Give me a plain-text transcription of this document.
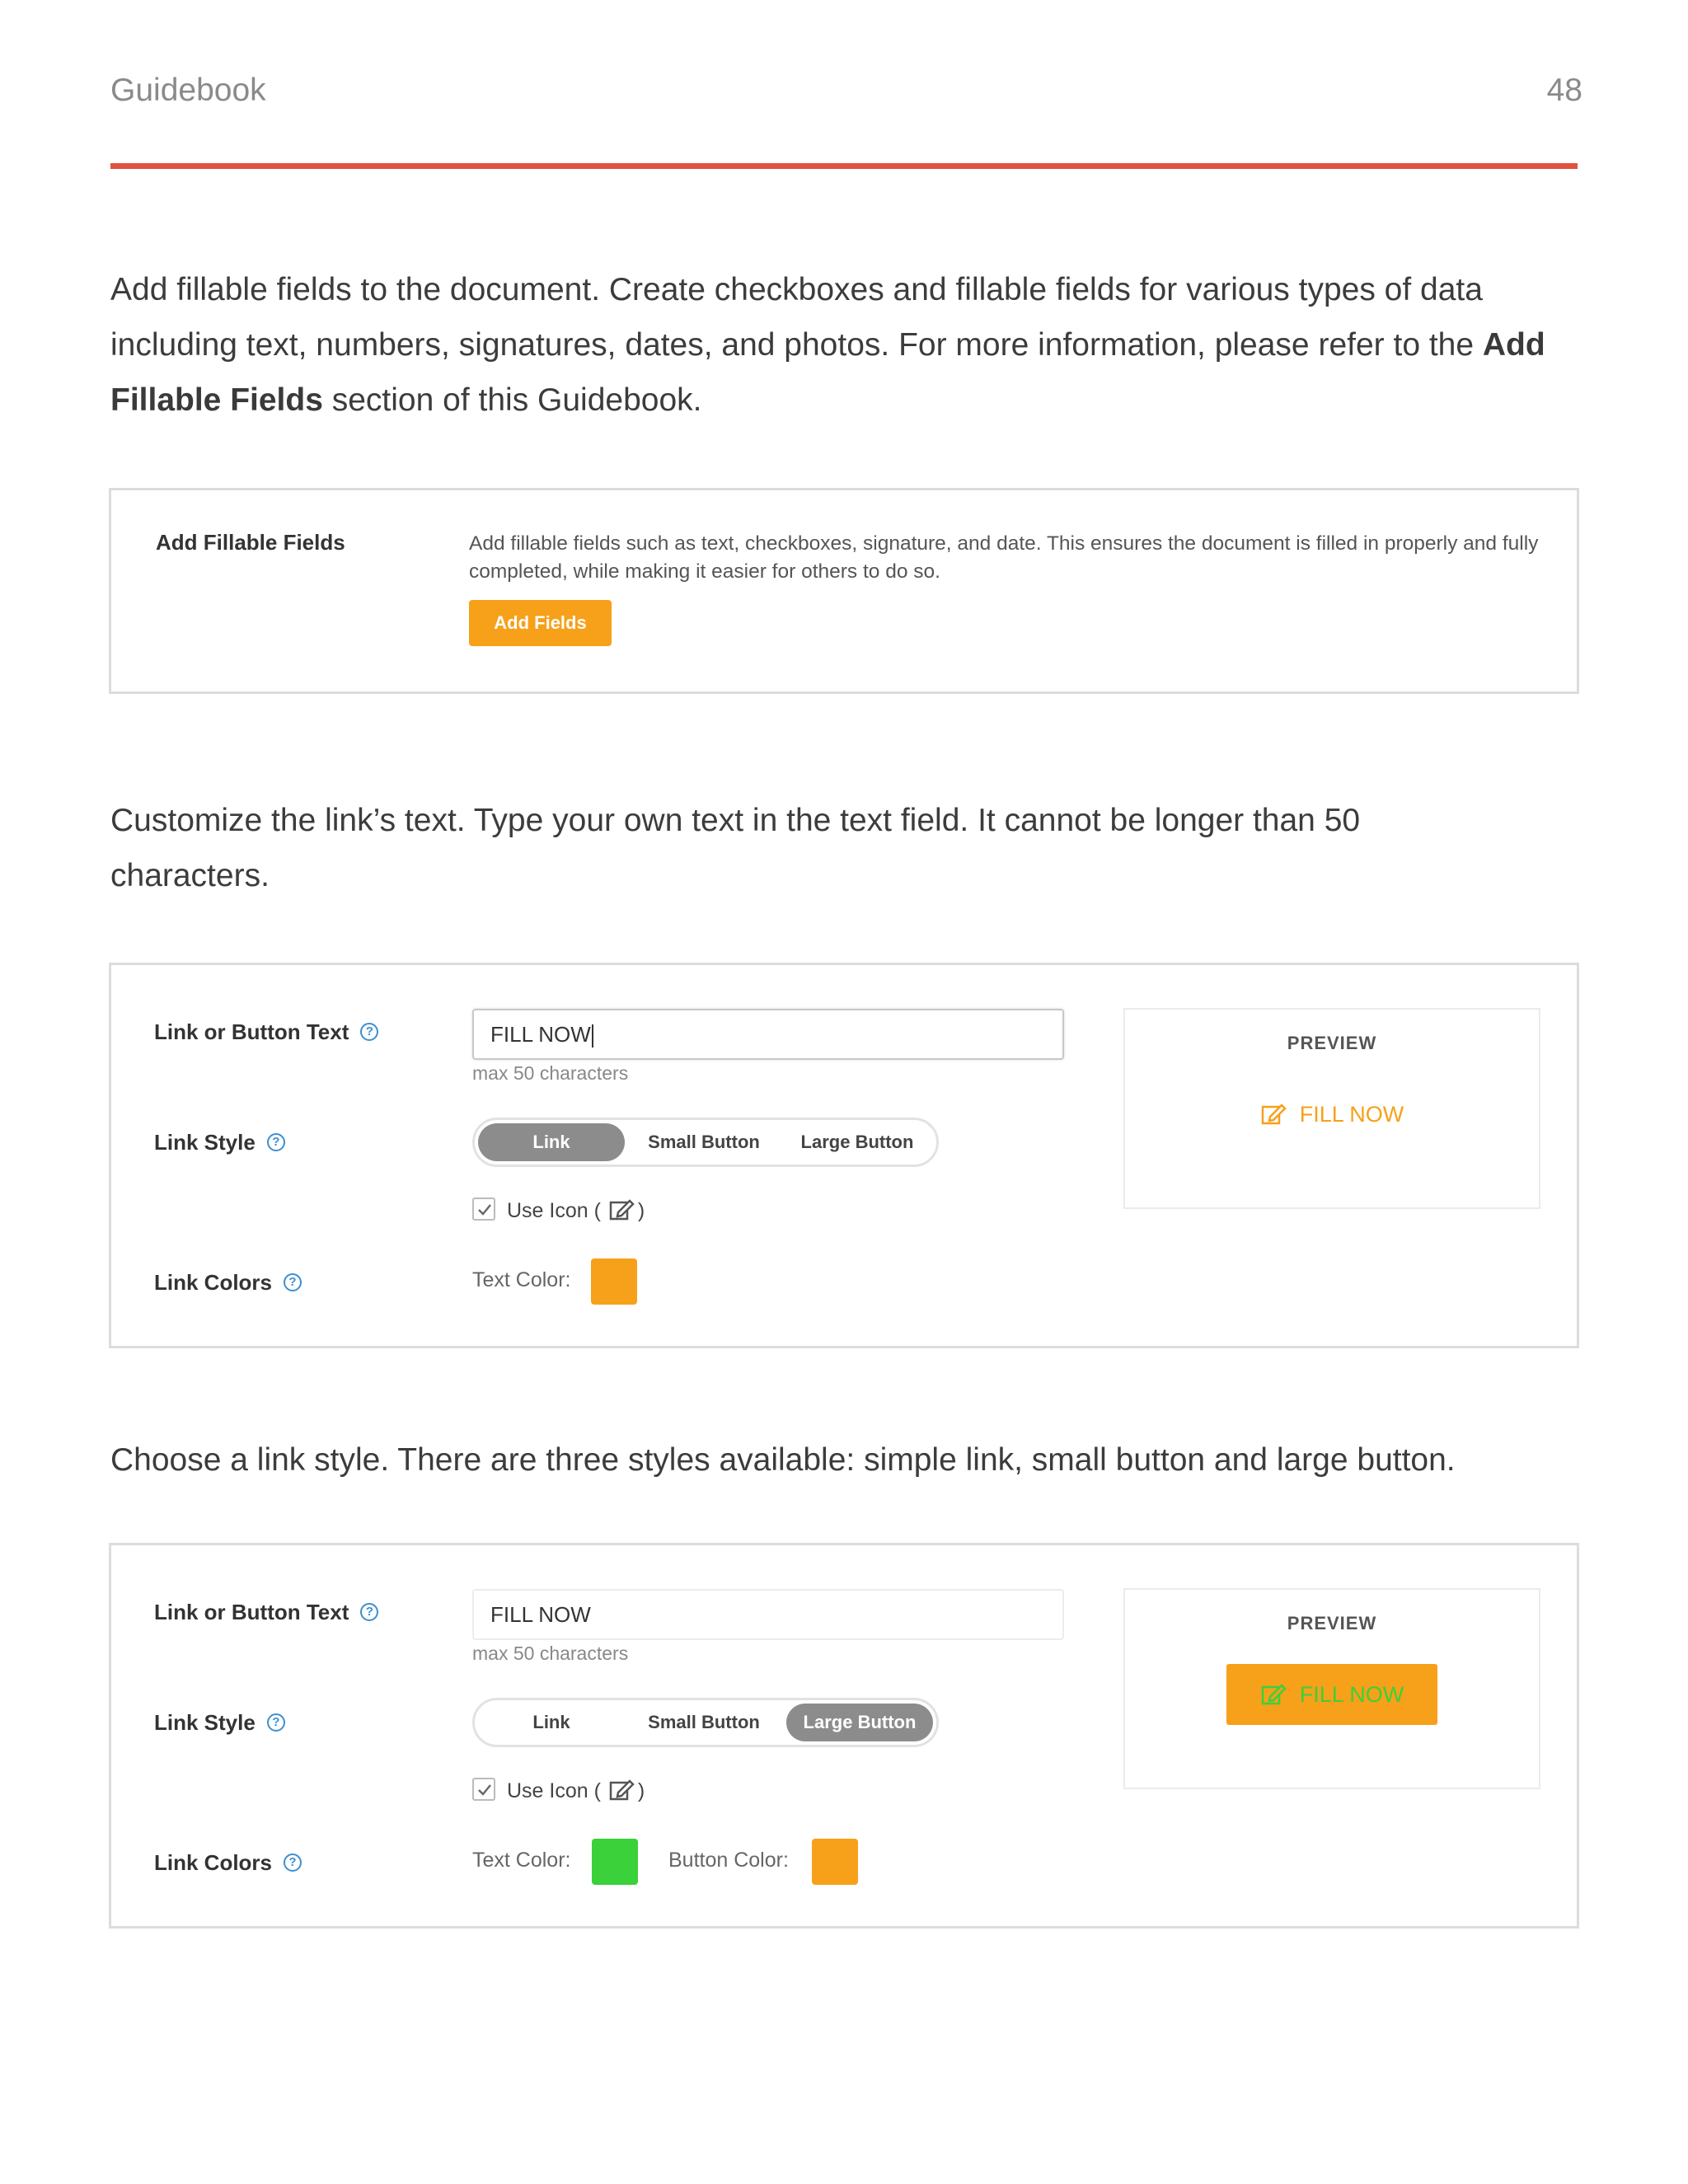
Guidebook	48
Add fillable fields to the document. Create checkboxes and fillable fields for various types of data including text, numbers, signatures, dates, and photos. For more information, please refer to the Add Fillable Fields section of this Guidebook.
Add Fillable Fields	Add fillable fields such as text, checkboxes, signature, and date. This ensures the document is filled in properly and fully completed, while making it easier for others to do so.
Add Fields
Customize the link’s text. Type your own text in the text field. It cannot be longer than 50 characters.
Link or Button Text ?	FILL NOW
max 50 characters
Link Style ?	Link	Small Button	Large Button
Use Icon ( )
Link Colors ?	Text Color:
PREVIEW
FILL NOW
Choose a link style. There are three styles available: simple link, small button and large button.
Link or Button Text ?	FILL NOW
max 50 characters
Link Style ?	Link	Small Button	Large Button
Use Icon ( )
Link Colors ?	Text Color:	Button Color:
PREVIEW
FILL NOW
